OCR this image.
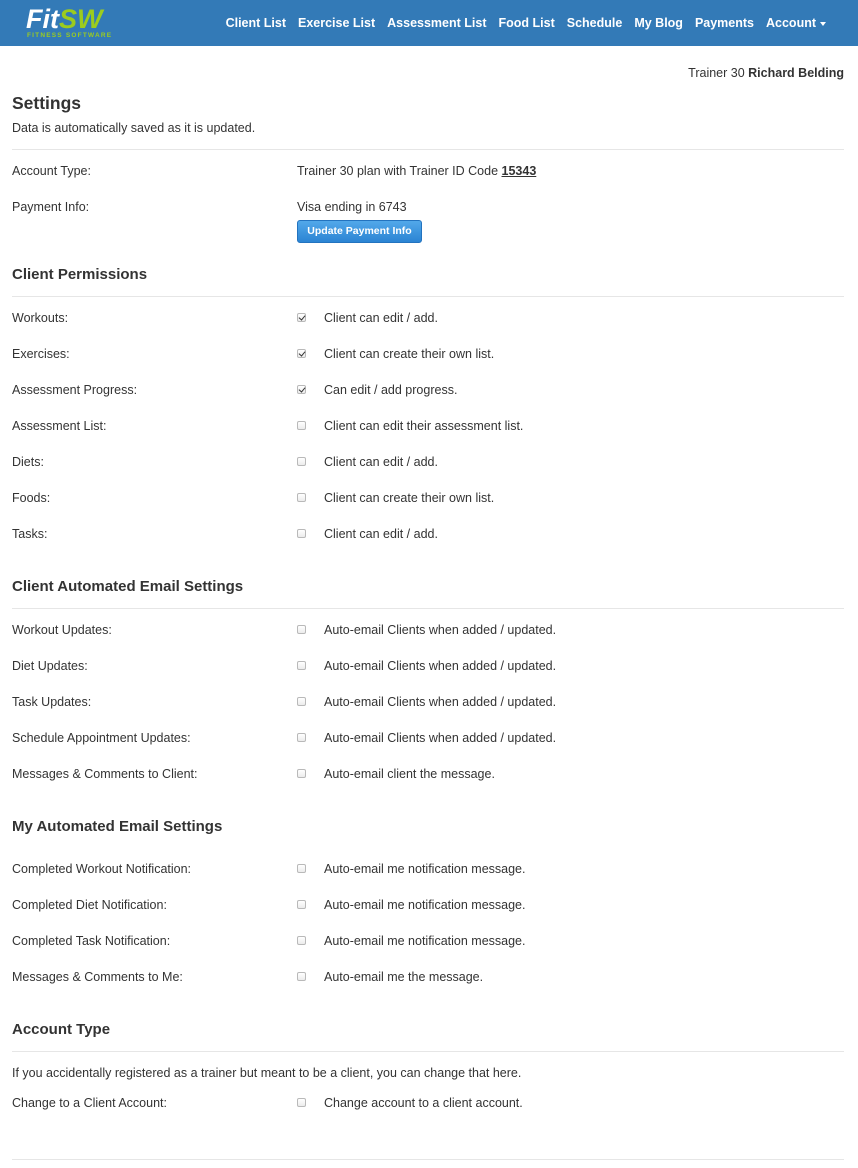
FitSW
FITNESS SOFTWARE
Client List Exercise List Assessment List Food List Schedule My Blog Payments Account
Trainer 30 Richard Belding
Settings
Data is automatically saved as it is updated.
Account Type:	Trainer 30 plan with Trainer ID Code 15343
Payment Info:	Visa ending in 6743
Update Payment Info
Client Permissions
Workouts:	Client can edit / add.
Exercises:	Client can create their own list.
Assessment Progress:	Can edit / add progress.
Assessment List:	Client can edit their assessment list.
Diets:	Client can edit / add.
Foods:	Client can create their own list.
Tasks:	Client can edit / add.
Client Automated Email Settings
Workout Updates:	Auto-email Clients when added / updated.
Diet Updates:	Auto-email Clients when added / updated.
Task Updates:	Auto-email Clients when added / updated.
Schedule Appointment Updates:	Auto-email Clients when added / updated.
Messages & Comments to Client:	Auto-email client the message.
My Automated Email Settings
Completed Workout Notification:	Auto-email me notification message.
Completed Diet Notification:	Auto-email me notification message.
Completed Task Notification:	Auto-email me notification message.
Messages & Comments to Me:	Auto-email me the message.
Account Type
If you accidentally registered as a trainer but meant to be a client, you can change that here.
Change to a Client Account:	Change account to a client account.
